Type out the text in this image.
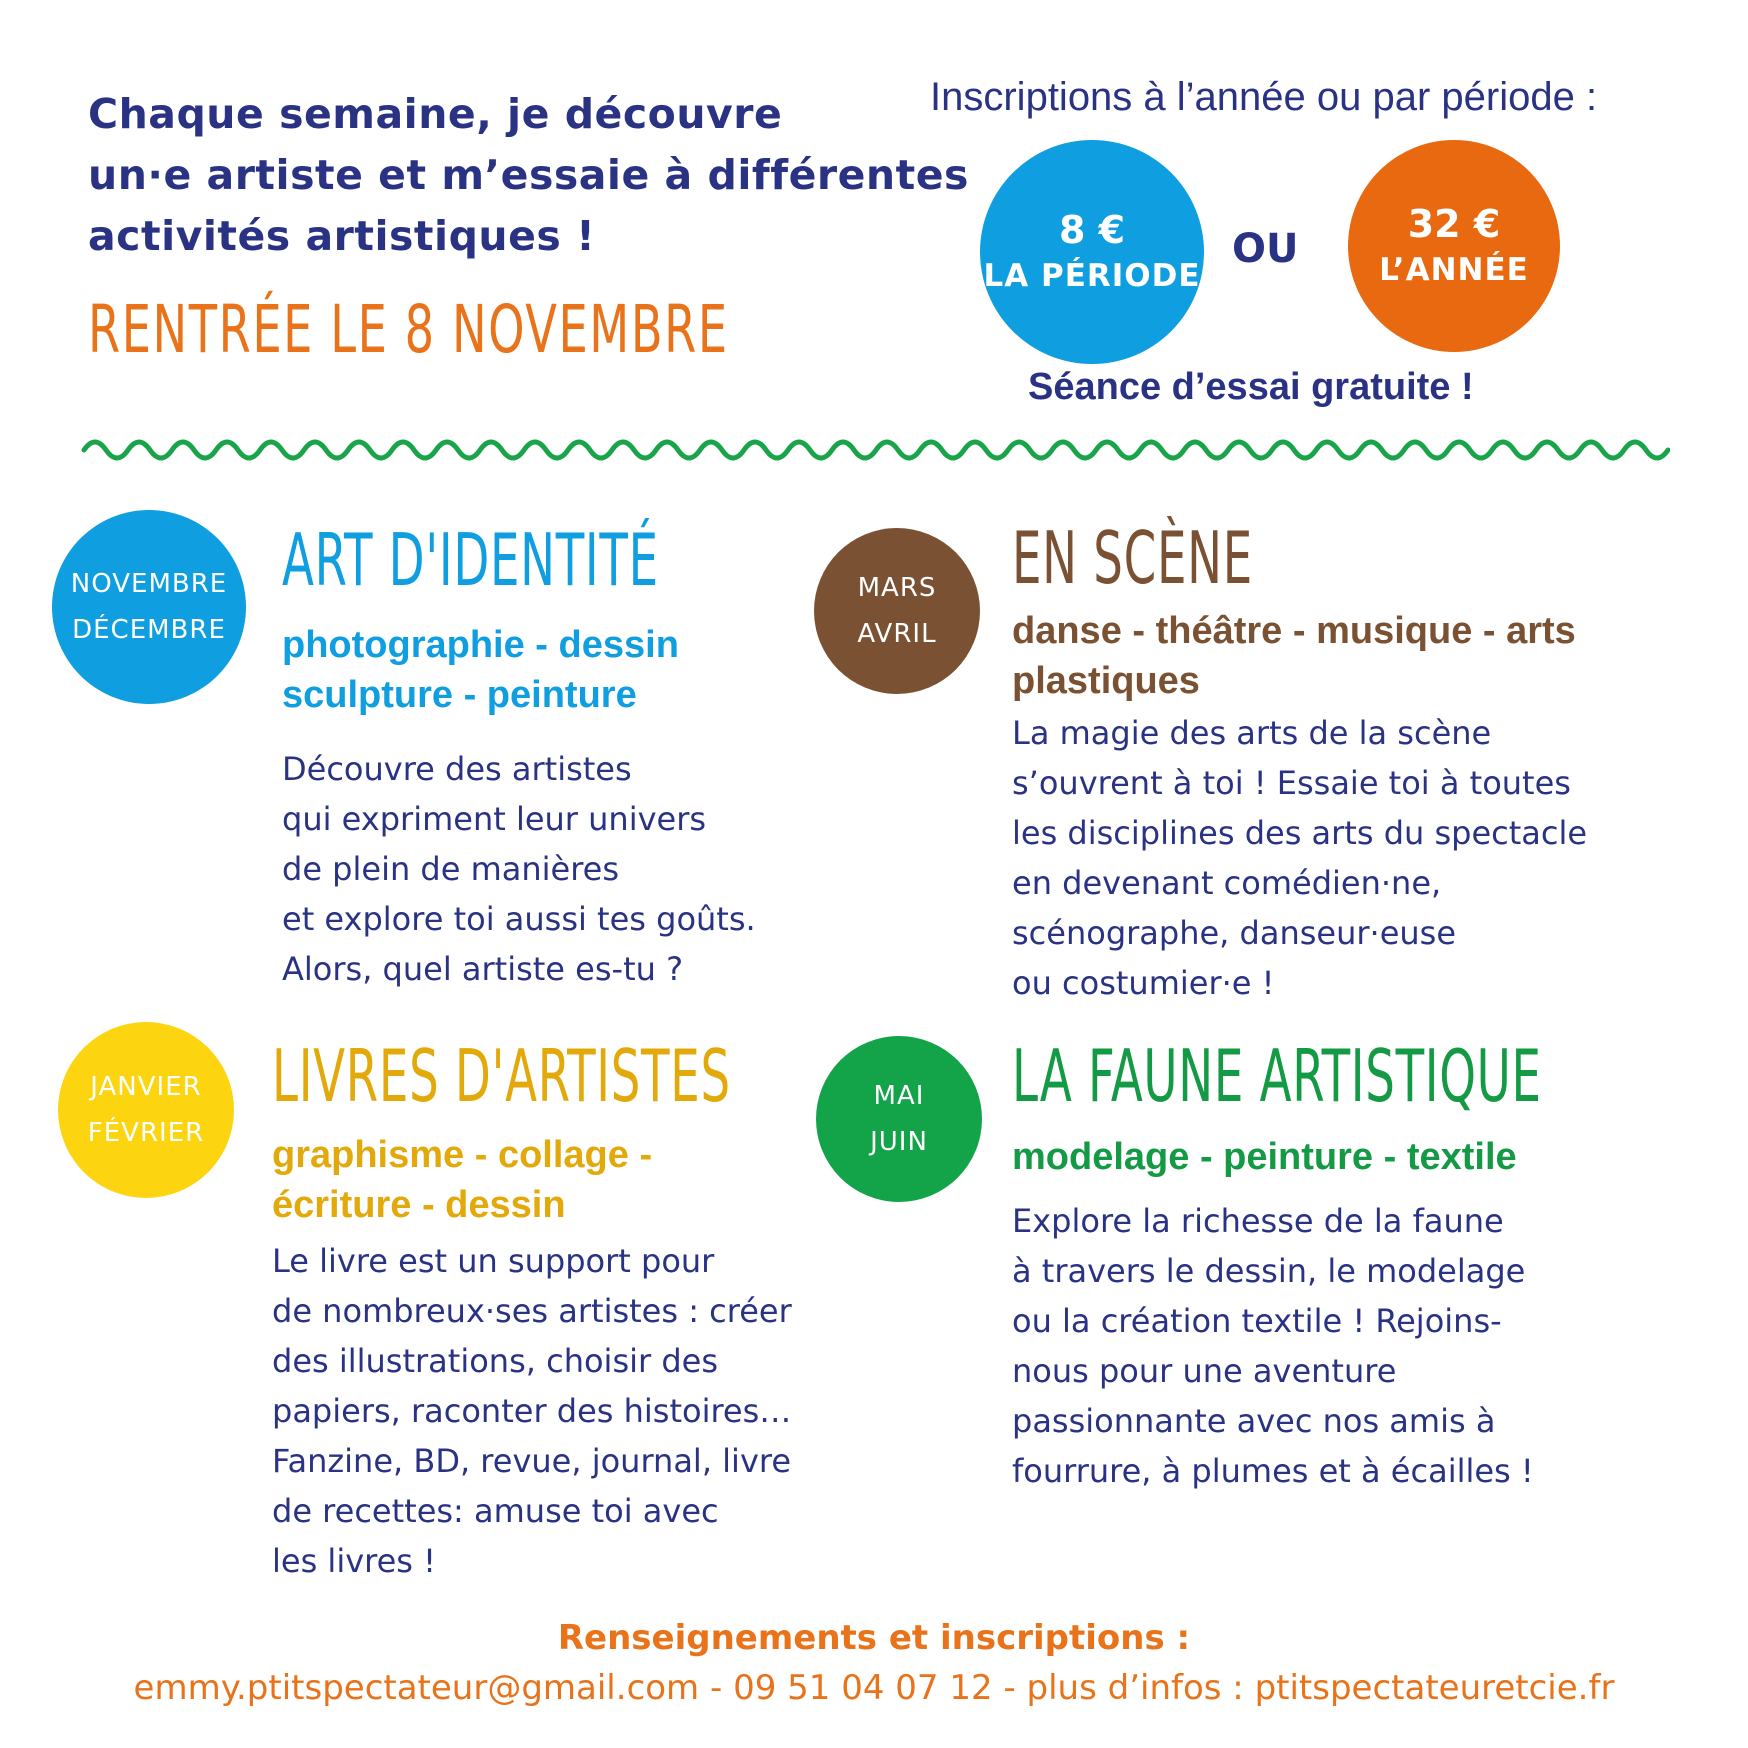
Chaque semaine, je découvre
un·e artiste et m’essaie à différentes
activités artistiques !
RENTRÉE LE 8 NOVEMBRE
Inscriptions à l’année ou par période :
8 €
LA PÉRIODE
OU
32 €
L’ANNÉE
Séance d’essai gratuite !
NOVEMBRE
DÉCEMBRE
ART D'IDENTITÉ
photographie - dessin
sculpture - peinture
Découvre des artistes
qui expriment leur univers
de plein de manières
et explore toi aussi tes goûts.
Alors, quel artiste es-tu ?
MARS
AVRIL
EN SCÈNE
danse - théâtre - musique - arts
plastiques
La magie des arts de la scène
s’ouvrent à toi ! Essaie toi à toutes
les disciplines des arts du spectacle
en devenant comédien·ne,
scénographe, danseur·euse
ou costumier·e !
JANVIER
FÉVRIER
LIVRES D'ARTISTES
graphisme - collage -
écriture - dessin
Le livre est un support pour
de nombreux·ses artistes : créer
des illustrations, choisir des
papiers, raconter des histoires…
Fanzine, BD, revue, journal, livre
de recettes: amuse toi avec
les livres !
MAI
JUIN
LA FAUNE ARTISTIQUE
modelage - peinture - textile
Explore la richesse de la faune
à travers le dessin, le modelage
ou la création textile ! Rejoins-
nous pour une aventure
passionnante avec nos amis à
fourrure, à plumes et à écailles !
Renseignements et inscriptions :
emmy.ptitspectateur@gmail.com - 09 51 04 07 12 - plus d’infos : ptitspectateuretcie.fr
